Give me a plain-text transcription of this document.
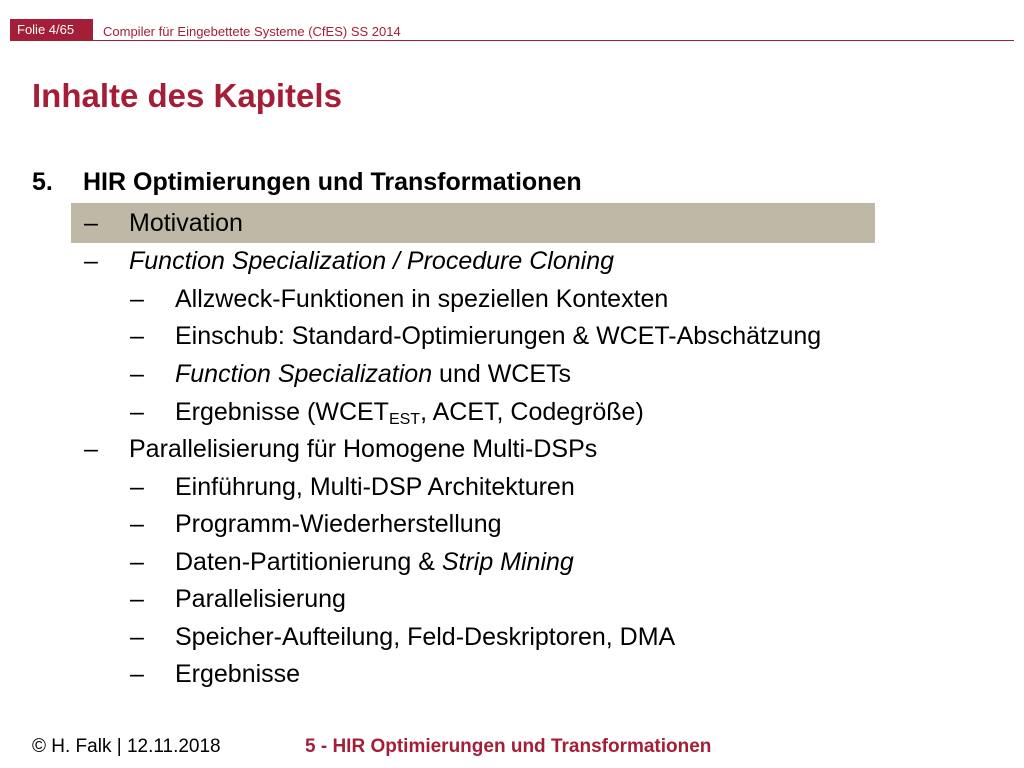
Folie 4/65	Compiler für Eingebettete Systeme (CfES) SS 2014
Inhalte des Kapitels
5. HIR Optimierungen und Transformationen
– Motivation
– Function Specialization / Procedure Cloning
– Allzweck-Funktionen in speziellen Kontexten
– Einschub: Standard-Optimierungen & WCET-Abschätzung
– Function Specialization und WCETs
– Ergebnisse ($WCET_{EST}$, ACET, Codegröße)
– Parallelisierung für Homogene Multi-DSPs
– Einführung, Multi-DSP Architekturen
– Programm-Wiederherstellung
– Daten-Partitionierung & Strip Mining
– Parallelisierung
– Speicher-Aufteilung, Feld-Deskriptoren, DMA
– Ergebnisse
© H. Falk | 12.11.2018	5 - HIR Optimierungen und Transformationen
